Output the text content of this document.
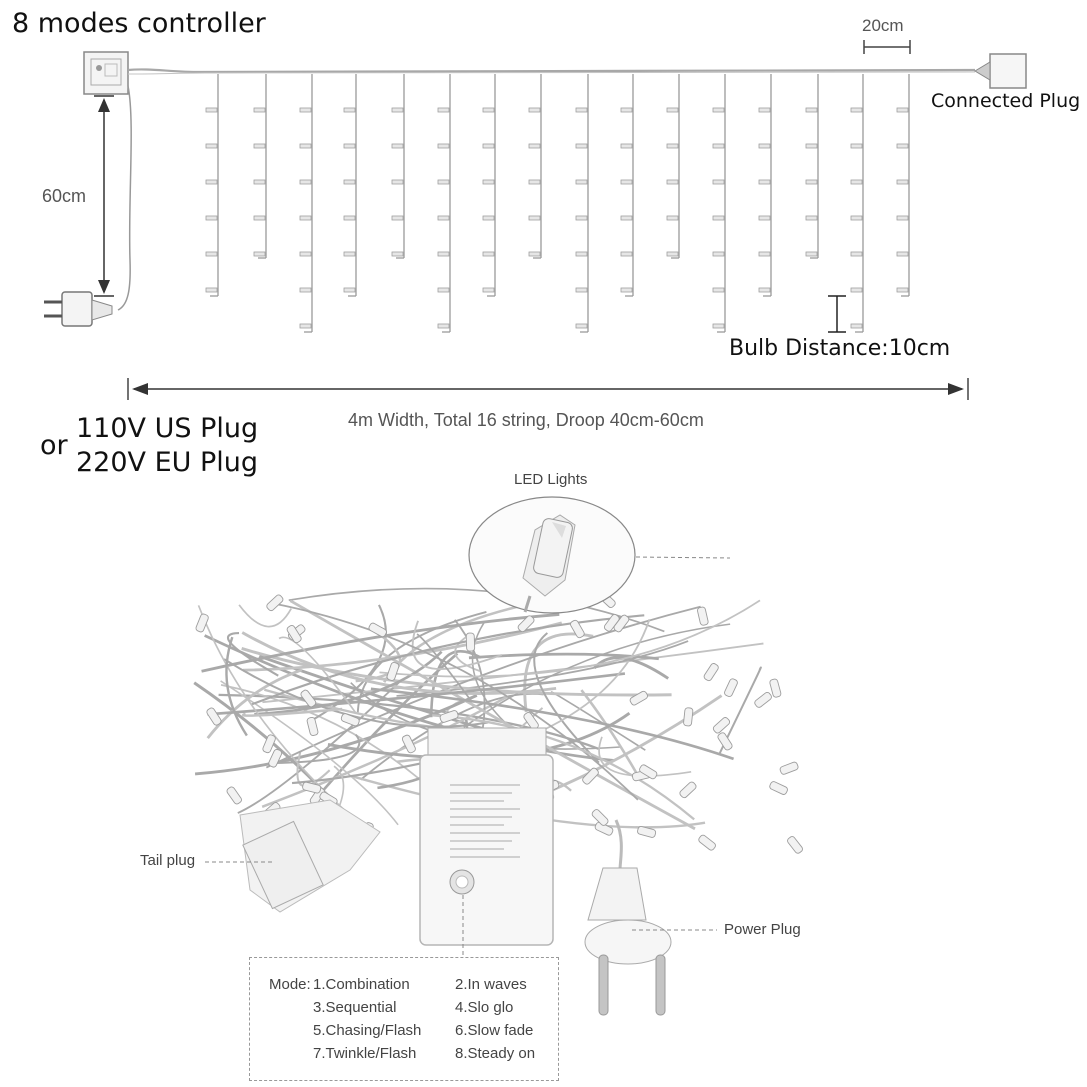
8 modes controller	20cm
Connected Plug
60cm
Bulb Distance:10cm
4m Width, Total 16 string, Droop 40cm-60cm
or
110V US Plug
220V EU Plug
LED Lights
Tail plug
Power Plug
Mode: 1.Combination	2.In waves
3.Sequential	4.Slo glo
5.Chasing/Flash 6.Slow fade
7.Twinkle/Flash	8.Steady on
